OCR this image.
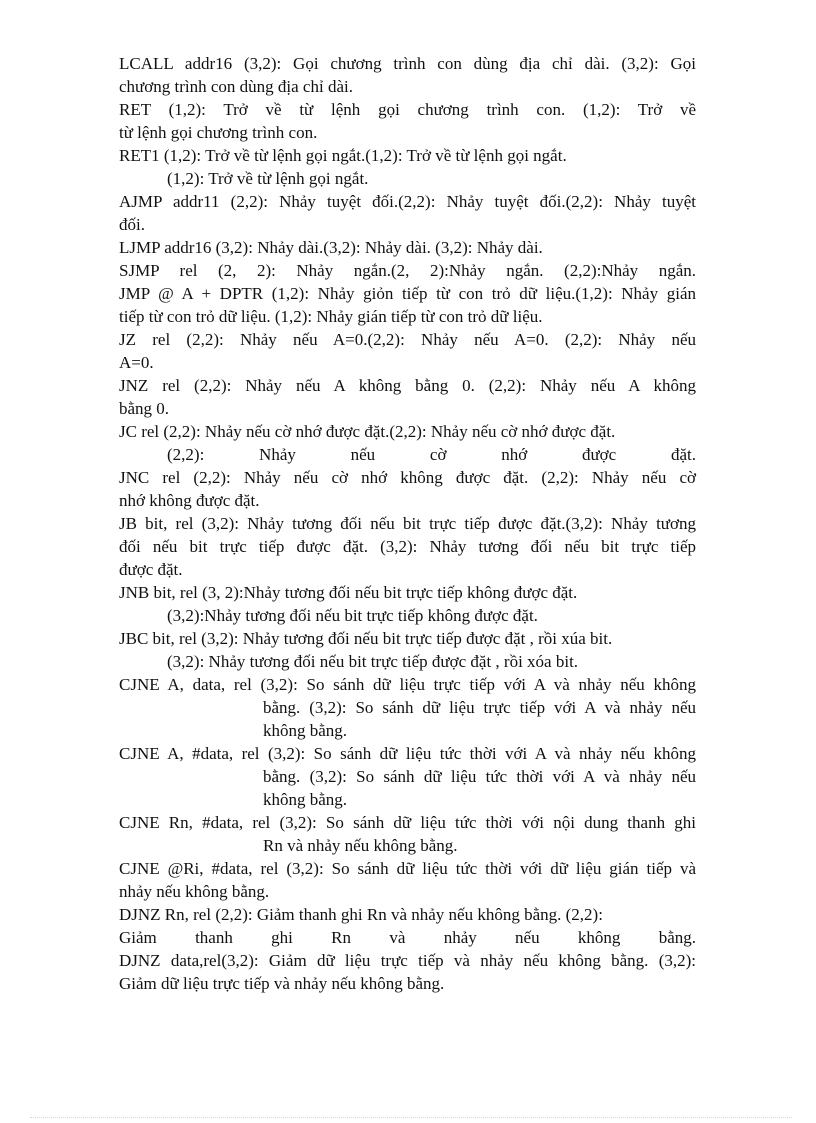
LCALL addr16 (3,2): Gọi chương trình con dùng địa chỉ dài. (3,2): Gọi
chương trình con dùng địa chỉ dài.

RET (1,2): Trở về từ lệnh gọi chương trình con. (1,2): Trở về
từ lệnh gọi chương trình con.

RET1 (1,2): Trở về từ lệnh gọi ngắt.(1,2): Trở về từ lệnh gọi ngắt.
(1,2): Trở về từ lệnh gọi ngắt.

AJMP addr11 (2,2): Nhảy tuyệt đối.(2,2): Nhảy tuyệt đối.(2,2): Nhảy tuyệt
đối.

LJMP addr16 (3,2): Nhảy dài.(3,2): Nhảy dài. (3,2): Nhảy dài.

SJMP rel (2, 2): Nhảy ngắn.(2, 2):Nhảy ngắn. (2,2):Nhảy ngắn.

JMP @ A + DPTR (1,2): Nhảy giỏn tiếp từ con trỏ dữ liệu.(1,2): Nhảy gián
tiếp từ con trỏ dữ liệu. (1,2): Nhảy gián tiếp từ con trỏ dữ liệu.

JZ rel (2,2): Nhảy nếu A=0.(2,2): Nhảy nếu A=0. (2,2): Nhảy nếu
A=0.

JNZ rel (2,2): Nhảy nếu A không bằng 0. (2,2): Nhảy nếu A không
bằng 0.

JC rel (2,2): Nhảy nếu cờ nhớ được đặt.(2,2): Nhảy nếu cờ nhớ được đặt.
(2,2): Nhảy nếu cờ nhớ được đặt.

JNC rel (2,2): Nhảy nếu cờ nhớ không được đặt. (2,2): Nhảy nếu cờ
nhớ không được đặt.

JB bit, rel (3,2): Nhảy tương đối nếu bit trực tiếp được đặt.(3,2): Nhảy tương
đối nếu bit trực tiếp được đặt. (3,2): Nhảy tương đối nếu bit trực tiếp
được đặt.

JNB bit, rel (3, 2):Nhảy tương đối nếu bit trực tiếp không được đặt.
(3,2):Nhảy tương đối nếu bit trực tiếp không được đặt.

JBC bit, rel (3,2): Nhảy tương đối nếu bit trực tiếp được đặt , rồi xúa bit.
(3,2): Nhảy tương đối nếu bit trực tiếp được đặt , rồi xóa bit.

CJNE A, data, rel (3,2): So sánh dữ liệu trực tiếp với A và nhảy nếu không
bằng. (3,2): So sánh dữ liệu trực tiếp với A và nhảy nếu
không bằng.

CJNE A, #data, rel (3,2): So sánh dữ liệu tức thời với A và nhảy nếu không
bằng. (3,2): So sánh dữ liệu tức thời với A và nhảy nếu
không bằng.

CJNE Rn, #data, rel (3,2): So sánh dữ liệu tức thời với nội dung thanh ghi
Rn và nhảy nếu không bằng.

CJNE @Ri, #data, rel (3,2): So sánh dữ liệu tức thời với dữ liệu gián tiếp và
nhảy nếu không bằng.

DJNZ Rn, rel (2,2): Giảm thanh ghi Rn và nhảy nếu không bằng. (2,2):
Giảm thanh ghi Rn và nhảy nếu không bằng.

DJNZ data,rel(3,2): Giảm dữ liệu trực tiếp và nhảy nếu không bằng. (3,2):
Giảm dữ liệu trực tiếp và nhảy nếu không bằng.
